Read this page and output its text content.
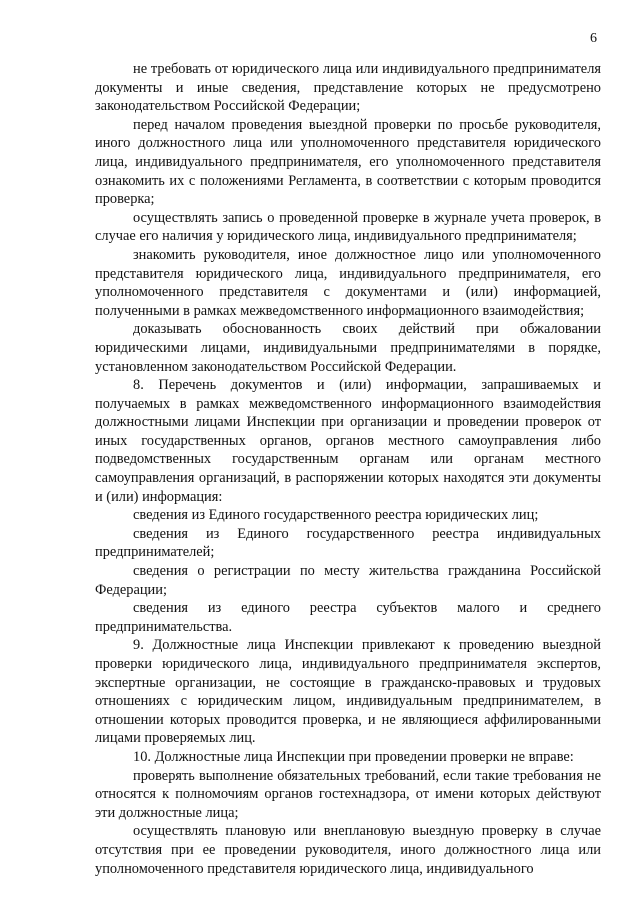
6

не требовать от юридического лица или индивидуального предпринимателя документы и иные сведения, представление которых не предусмотрено законодательством Российской Федерации;

перед началом проведения выездной проверки по просьбе руководителя, иного должностного лица или уполномоченного представителя юридического лица, индивидуального предпринимателя, его уполномоченного представителя ознакомить их с положениями Регламента, в соответствии с которым проводится проверка;

осуществлять запись о проведенной проверке в журнале учета проверок, в случае его наличия у юридического лица, индивидуального предпринимателя;

знакомить руководителя, иное должностное лицо или уполномоченного представителя юридического лица, индивидуального предпринимателя, его уполномоченного представителя с документами и (или) информацией, полученными в рамках межведомственного информационного взаимодействия;

доказывать обоснованность своих действий при обжаловании юридическими лицами, индивидуальными предпринимателями в порядке, установленном законодательством Российской Федерации.

8. Перечень документов и (или) информации, запрашиваемых и получаемых в рамках межведомственного информационного взаимодействия должностными лицами Инспекции при организации и проведении проверок от иных государственных органов, органов местного самоуправления либо подведомственных государственным органам или органам местного самоуправления организаций, в распоряжении которых находятся эти документы и (или) информация:

сведения из Единого государственного реестра юридических лиц;

сведения из Единого государственного реестра индивидуальных предпринимателей;

сведения о регистрации по месту жительства гражданина Российской Федерации;

сведения из единого реестра субъектов малого и среднего предпринимательства.

9. Должностные лица Инспекции привлекают к проведению выездной проверки юридического лица, индивидуального предпринимателя экспертов, экспертные организации, не состоящие в гражданско-правовых и трудовых отношениях с юридическим лицом, индивидуальным предпринимателем, в отношении которых проводится проверка, и не являющиеся аффилированными лицами проверяемых лиц.

10. Должностные лица Инспекции при проведении проверки не вправе:

проверять выполнение обязательных требований, если такие требования не относятся к полномочиям органов гостехнадзора, от имени которых действуют эти должностные лица;

осуществлять плановую или внеплановую выездную проверку в случае отсутствия при ее проведении руководителя, иного должностного лица или уполномоченного представителя юридического лица, индивидуального
